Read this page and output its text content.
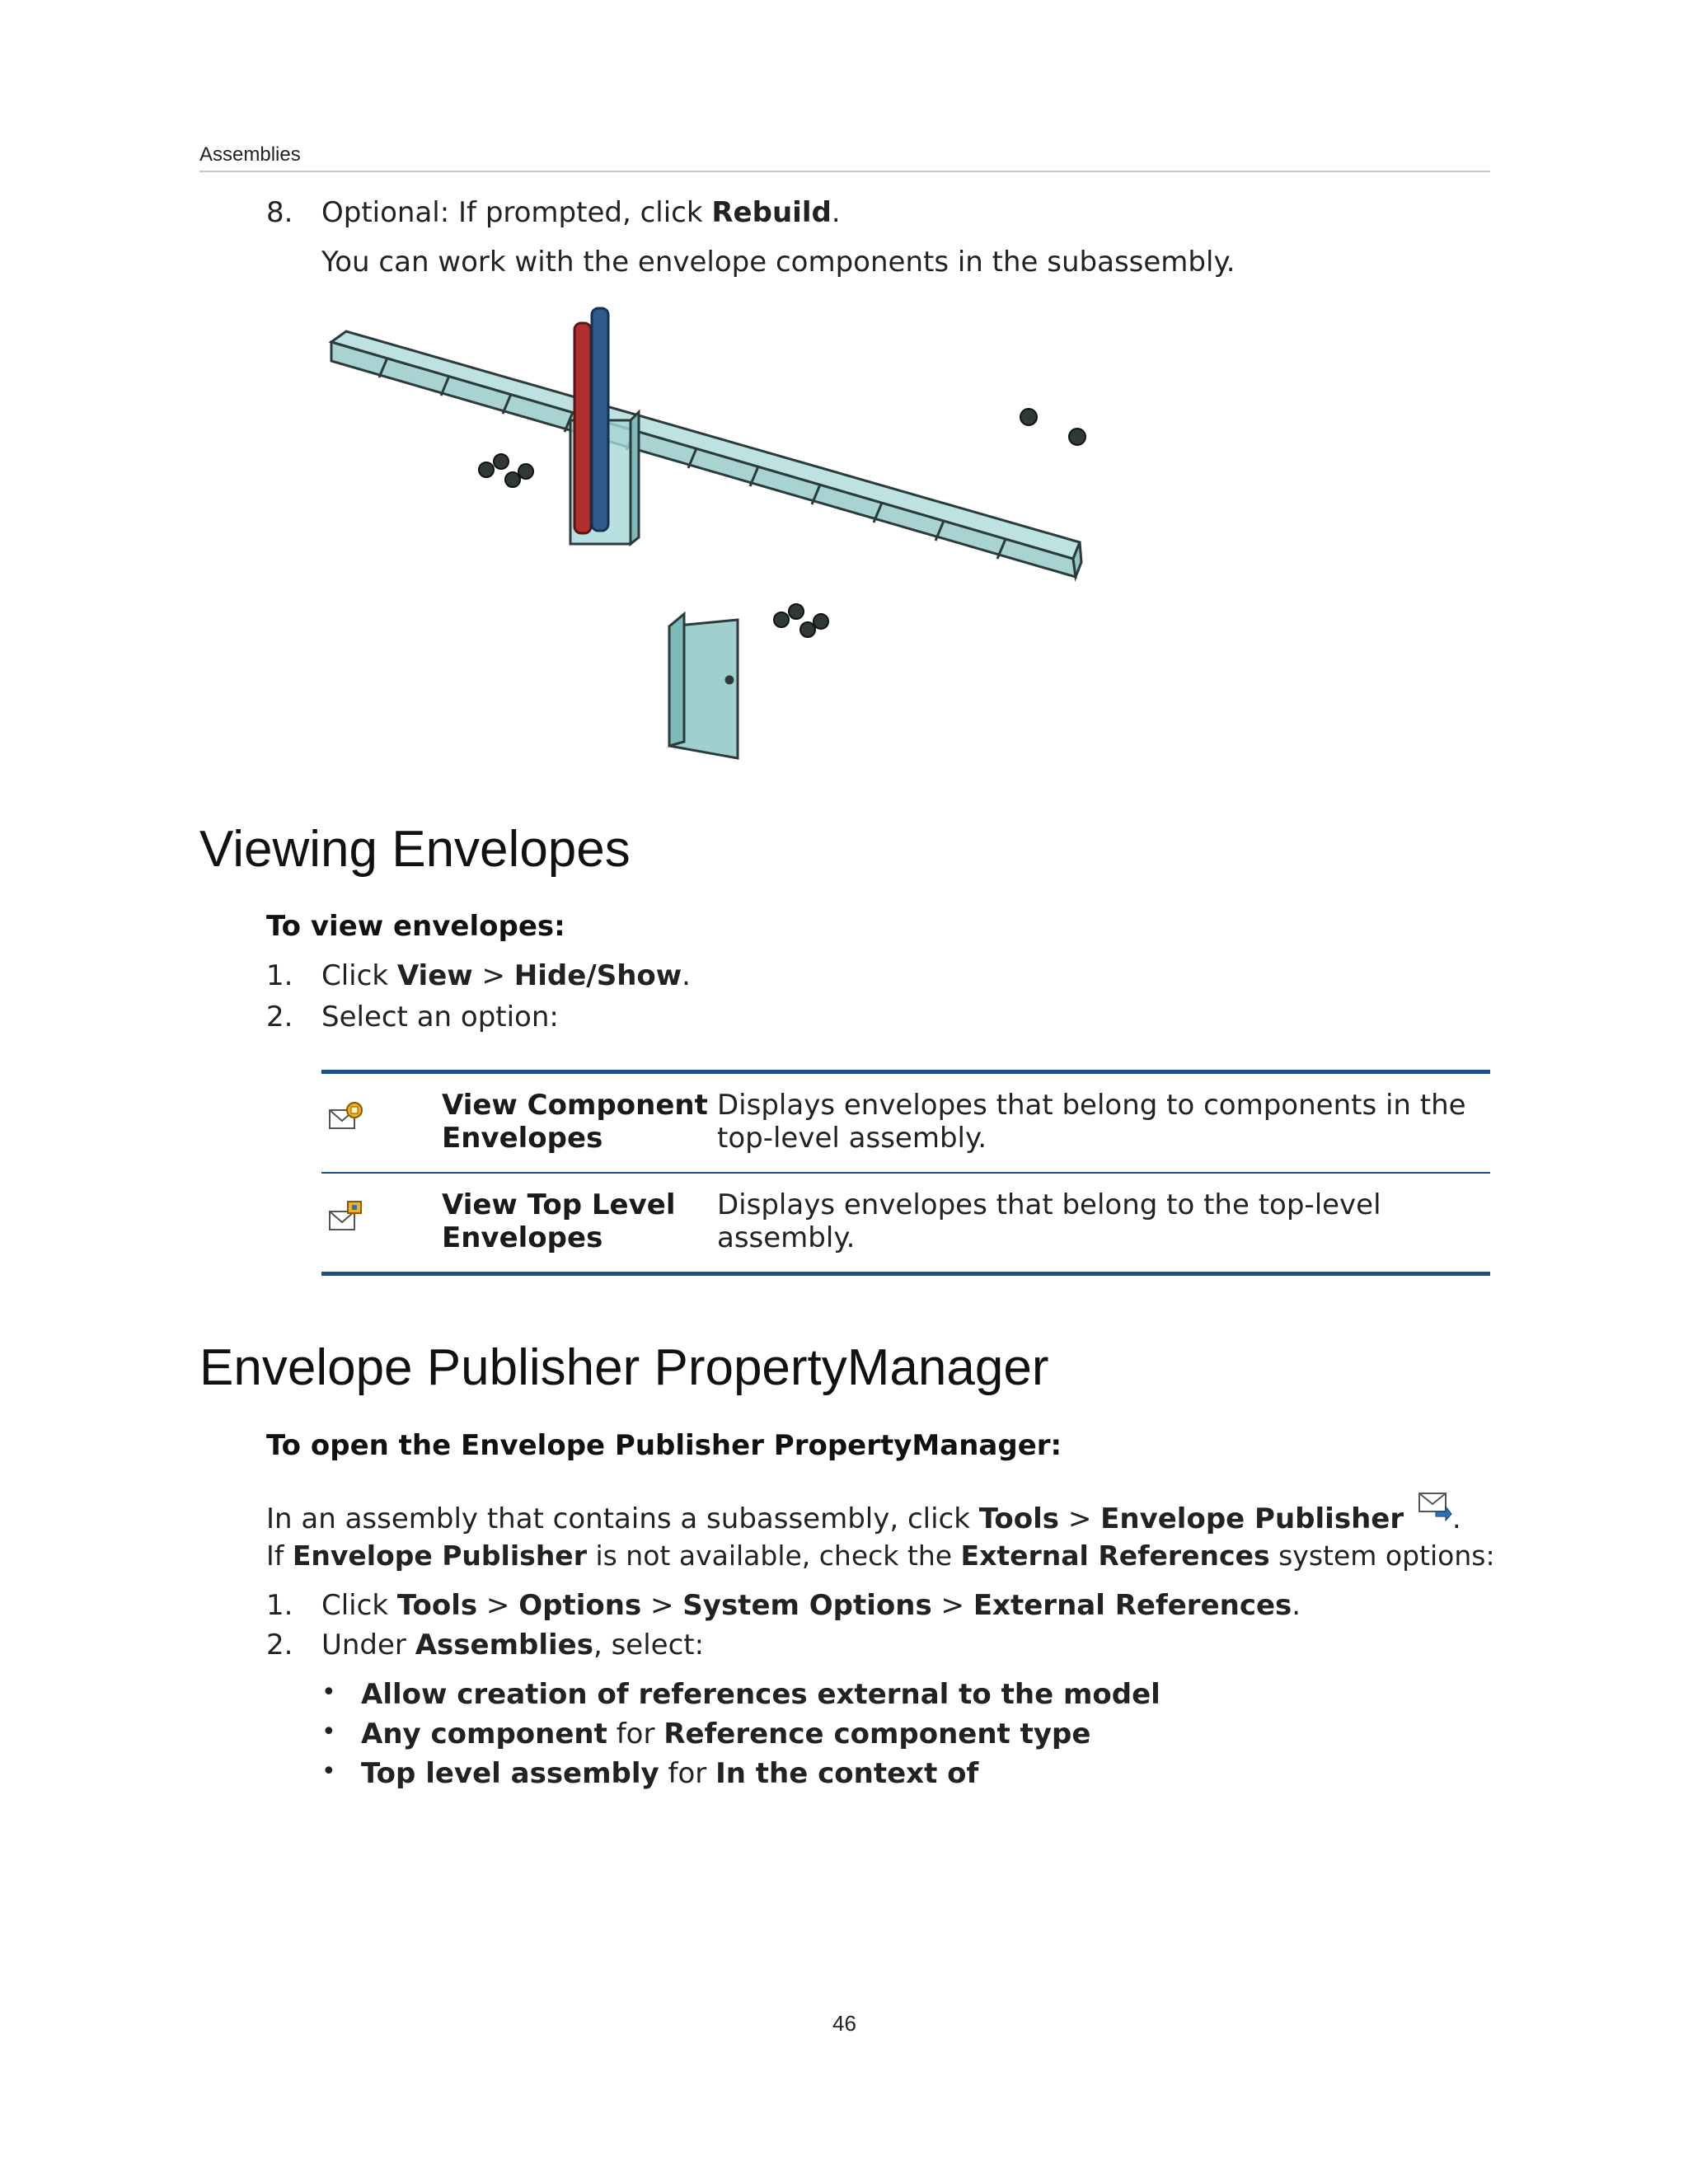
Assemblies
8. Optional: If prompted, click Rebuild.
You can work with the envelope components in the subassembly.
Viewing Envelopes
To view envelopes:
1. Click View > Hide/Show.
2. Select an option:
View Component
Envelopes
Displays envelopes that belong to components in the
top-level assembly.
View Top Level
Envelopes
Displays envelopes that belong to the top-level
assembly.
Envelope Publisher PropertyManager
To open the Envelope Publisher PropertyManager:
In an assembly that contains a subassembly, click Tools > Envelope Publisher .
If Envelope Publisher is not available, check the External References system options:
1. Click Tools > Options > System Options > External References.
2. Under Assemblies, select:
• Allow creation of references external to the model
• Any component for Reference component type
• Top level assembly for In the context of
46
